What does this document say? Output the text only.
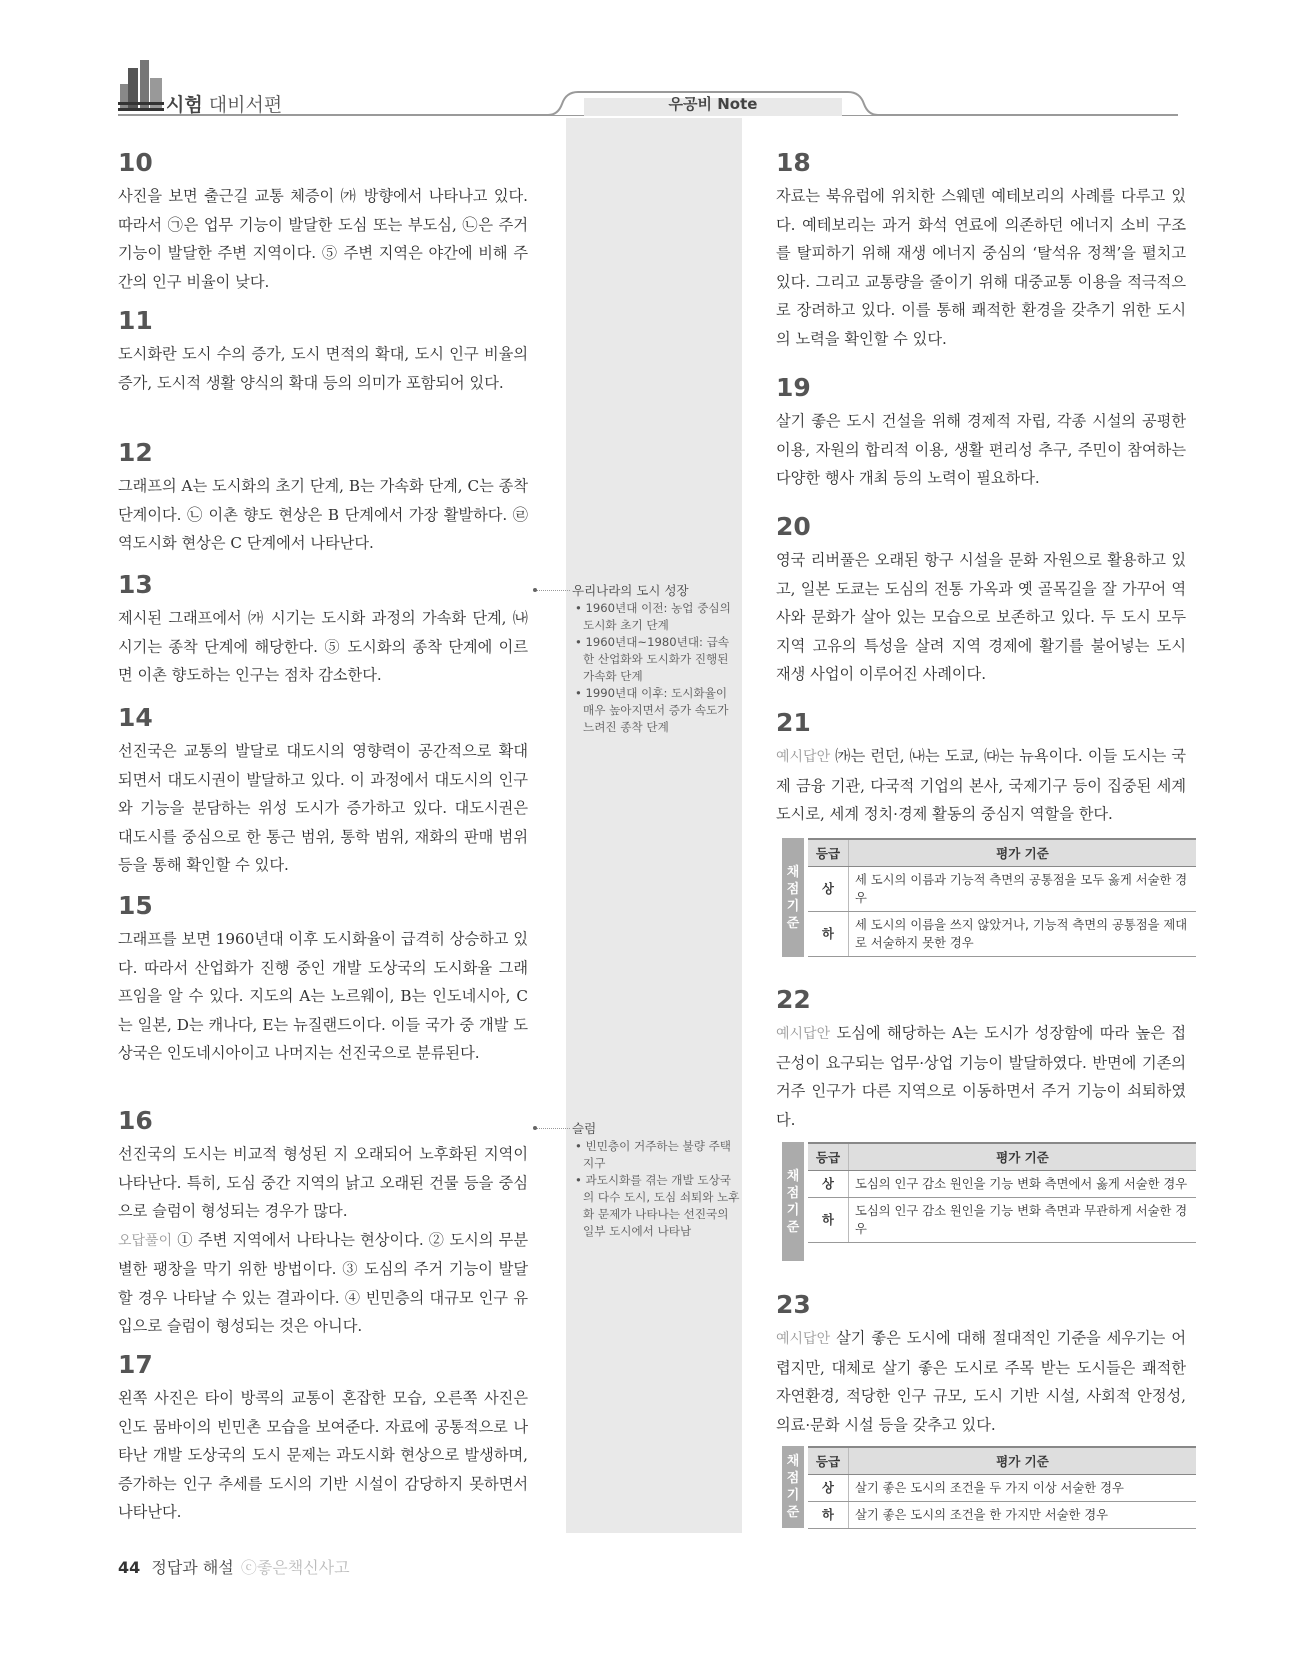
시험 대비서편	우공비 Note
우리나라의 도시 성장
• 1960년대 이전: 농업 중심의 도시화 초기 단계
• 1960년대~1980년대: 급속한 산업화와 도시화가 진행된 가속화 단계
• 1990년대 이후: 도시화율이 매우 높아지면서 증가 속도가 느려진 종착 단계
슬럼
• 빈민층이 거주하는 불량 주택 지구
• 과도시화를 겪는 개발 도상국의 다수 도시, 도심 쇠퇴와 노후화 문제가 나타나는 선진국의 일부 도시에서 나타남
10
사진을 보면 출근길 교통 체증이 ㈎ 방향에서 나타나고 있다. 따라서 ㉠은 업무 기능이 발달한 도심 또는 부도심, ㉡은 주거 기능이 발달한 주변 지역이다. ⑤ 주변 지역은 야간에 비해 주간의 인구 비율이 낮다.
11
도시화란 도시 수의 증가, 도시 면적의 확대, 도시 인구 비율의 증가, 도시적 생활 양식의 확대 등의 의미가 포함되어 있다.
12
그래프의 A는 도시화의 초기 단계, B는 가속화 단계, C는 종착 단계이다. ㉡ 이촌 향도 현상은 B 단계에서 가장 활발하다. ㉣ 역도시화 현상은 C 단계에서 나타난다.
13
제시된 그래프에서 ㈎ 시기는 도시화 과정의 가속화 단계, ㈏ 시기는 종착 단계에 해당한다. ⑤ 도시화의 종착 단계에 이르면 이촌 향도하는 인구는 점차 감소한다.
14
선진국은 교통의 발달로 대도시의 영향력이 공간적으로 확대되면서 대도시권이 발달하고 있다. 이 과정에서 대도시의 인구와 기능을 분담하는 위성 도시가 증가하고 있다. 대도시권은 대도시를 중심으로 한 통근 범위, 통학 범위, 재화의 판매 범위 등을 통해 확인할 수 있다.
15
그래프를 보면 1960년대 이후 도시화율이 급격히 상승하고 있다. 따라서 산업화가 진행 중인 개발 도상국의 도시화율 그래프임을 알 수 있다. 지도의 A는 노르웨이, B는 인도네시아, C는 일본, D는 캐나다, E는 뉴질랜드이다. 이들 국가 중 개발 도상국은 인도네시아이고 나머지는 선진국으로 분류된다.
16
선진국의 도시는 비교적 형성된 지 오래되어 노후화된 지역이 나타난다. 특히, 도심 중간 지역의 낡고 오래된 건물 등을 중심으로 슬럼이 형성되는 경우가 많다.
오답풀이 ① 주변 지역에서 나타나는 현상이다. ② 도시의 무분별한 팽창을 막기 위한 방법이다. ③ 도심의 주거 기능이 발달할 경우 나타날 수 있는 결과이다. ④ 빈민층의 대규모 인구 유입으로 슬럼이 형성되는 것은 아니다.
17
왼쪽 사진은 타이 방콕의 교통이 혼잡한 모습, 오른쪽 사진은 인도 뭄바이의 빈민촌 모습을 보여준다. 자료에 공통적으로 나타난 개발 도상국의 도시 문제는 과도시화 현상으로 발생하며, 증가하는 인구 추세를 도시의 기반 시설이 감당하지 못하면서 나타난다.
18
자료는 북유럽에 위치한 스웨덴 예테보리의 사례를 다루고 있다. 예테보리는 과거 화석 연료에 의존하던 에너지 소비 구조를 탈피하기 위해 재생 에너지 중심의 ‘탈석유 정책’을 펼치고 있다. 그리고 교통량을 줄이기 위해 대중교통 이용을 적극적으로 장려하고 있다. 이를 통해 쾌적한 환경을 갖추기 위한 도시의 노력을 확인할 수 있다.
19
살기 좋은 도시 건설을 위해 경제적 자립, 각종 시설의 공평한 이용, 자원의 합리적 이용, 생활 편리성 추구, 주민이 참여하는 다양한 행사 개최 등의 노력이 필요하다.
20
영국 리버풀은 오래된 항구 시설을 문화 자원으로 활용하고 있고, 일본 도쿄는 도심의 전통 가옥과 옛 골목길을 잘 가꾸어 역사와 문화가 살아 있는 모습으로 보존하고 있다. 두 도시 모두 지역 고유의 특성을 살려 지역 경제에 활기를 불어넣는 도시 재생 사업이 이루어진 사례이다.
21
예시답안 ㈎는 런던, ㈏는 도쿄, ㈐는 뉴욕이다. 이들 도시는 국제 금융 기관, 다국적 기업의 본사, 국제기구 등이 집중된 세계 도시로, 세계 정치·경제 활동의 중심지 역할을 한다.
채점기준
등급	평가 기준
상	세 도시의 이름과 기능적 측면의 공통점을 모두 옳게 서술한 경우
하	세 도시의 이름을 쓰지 않았거나, 기능적 측면의 공통점을 제대로 서술하지 못한 경우
22
예시답안 도심에 해당하는 A는 도시가 성장함에 따라 높은 접근성이 요구되는 업무·상업 기능이 발달하였다. 반면에 기존의 거주 인구가 다른 지역으로 이동하면서 주거 기능이 쇠퇴하였다.
채점기준
등급	평가 기준
상	도심의 인구 감소 원인을 기능 변화 측면에서 옳게 서술한 경우
하	도심의 인구 감소 원인을 기능 변화 측면과 무관하게 서술한 경우
23
예시답안 살기 좋은 도시에 대해 절대적인 기준을 세우기는 어렵지만, 대체로 살기 좋은 도시로 주목 받는 도시들은 쾌적한 자연환경, 적당한 인구 규모, 도시 기반 시설, 사회적 안정성, 의료·문화 시설 등을 갖추고 있다.
채점기준
등급	평가 기준
상	살기 좋은 도시의 조건을 두 가지 이상 서술한 경우
하	살기 좋은 도시의 조건을 한 가지만 서술한 경우
44 정답과 해설 ⓒ좋은책신사고
